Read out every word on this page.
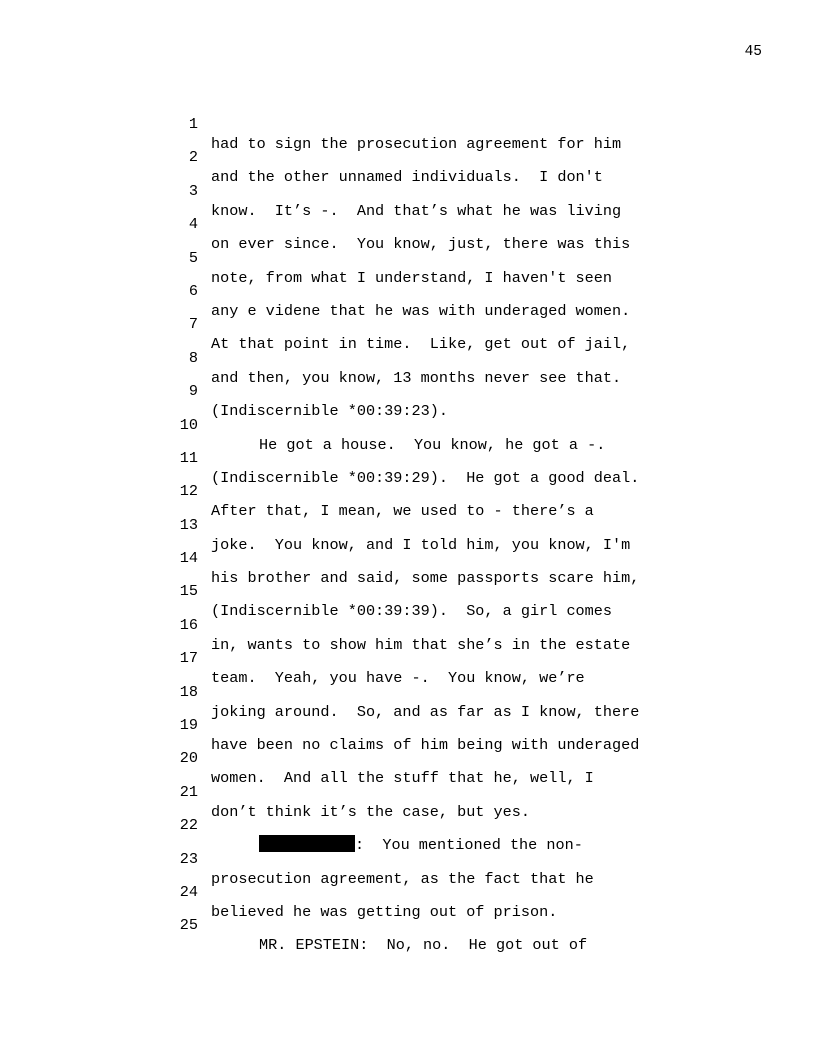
45

1

had to sign the prosecution agreement for him

2

and the other unnamed individuals.  I don't

3

know.  It’s -.  And that’s what he was living

4

on ever since.  You know, just, there was this

5

note, from what I understand, I haven't seen

6

any e videne that he was with underaged women.

7

At that point in time.  Like, get out of jail,

8

and then, you know, 13 months never see that.

9

(Indiscernible *00:39:23).

10

He got a house.  You know, he got a -.

11

(Indiscernible *00:39:29).  He got a good deal.

12

After that, I mean, we used to - there’s a

13

joke.  You know, and I told him, you know, I'm

14

his brother and said, some passports scare him,

15

(Indiscernible *00:39:39).  So, a girl comes

16

in, wants to show him that she’s in the estate

17

team.  Yeah, you have -.  You know, we’re

18

joking around.  So, and as far as I know, there

19

have been no claims of him being with underaged

20

women.  And all the stuff that he, well, I

21

don’t think it’s the case, but yes.

22

:  You mentioned the non-

23

prosecution agreement, as the fact that he

24

believed he was getting out of prison.

25

MR. EPSTEIN:  No, no.  He got out of
